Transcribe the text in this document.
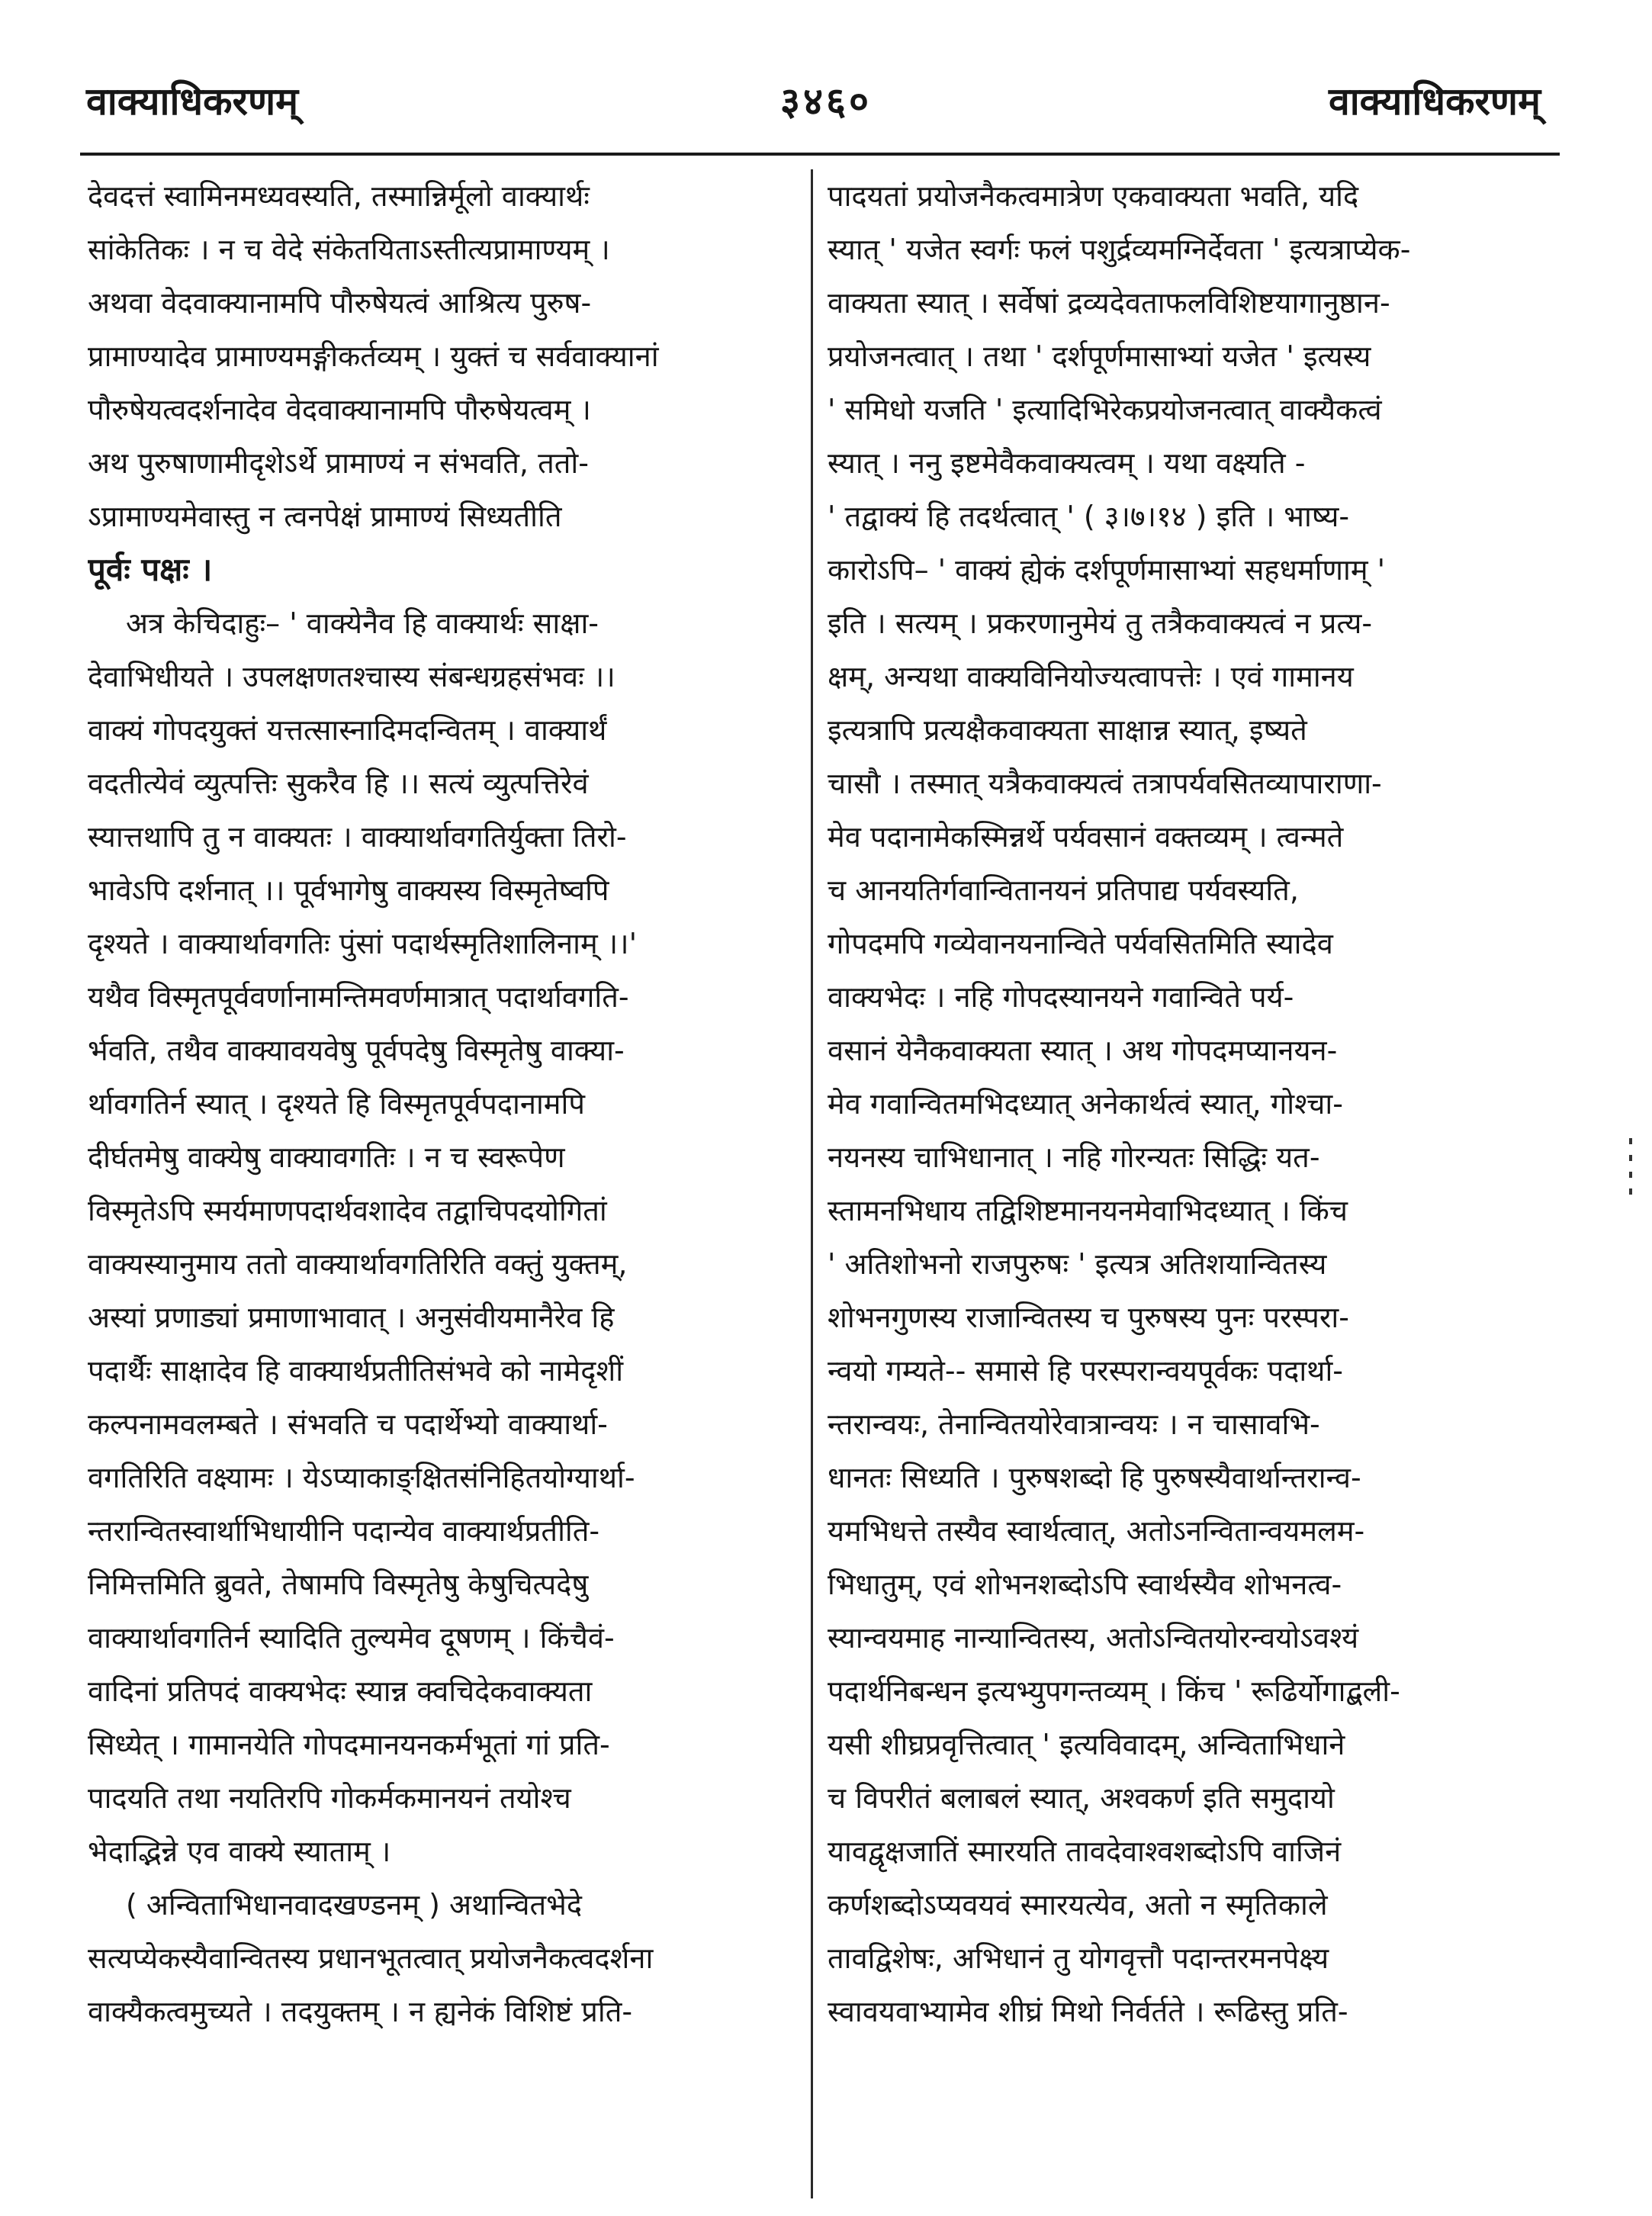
वाक्याधिकरणम्	३४६०	वाक्याधिकरणम्
देवदत्तं स्वामिनमध्यवस्यति, तस्मान्निर्मूलो वाक्यार्थः
सांकेतिकः । न च वेदे संकेतयिताऽस्तीत्यप्रामाण्यम् ।
अथवा वेदवाक्यानामपि पौरुषेयत्वं आश्रित्य पुरुष-
प्रामाण्यादेव प्रामाण्यमङ्गीकर्तव्यम् । युक्तं च सर्ववाक्यानां
पौरुषेयत्वदर्शनादेव वेदवाक्यानामपि पौरुषेयत्वम् ।
अथ पुरुषाणामीदृशेऽर्थे प्रामाण्यं न संभवति, ततो-
ऽप्रामाण्यमेवास्तु न त्वनपेक्षं प्रामाण्यं सिध्यतीति
पूर्वः पक्षः ।
अत्र केचिदाहुः– ' वाक्येनैव हि वाक्यार्थः साक्षा-
देवाभिधीयते । उपलक्षणतश्चास्य संबन्धग्रहसंभवः ।।
वाक्यं गोपदयुक्तं यत्तत्सास्नादिमदन्वितम् । वाक्यार्थं
वदतीत्येवं व्युत्पत्तिः सुकरैव हि ।। सत्यं व्युत्पत्तिरेवं
स्यात्तथापि तु न वाक्यतः । वाक्यार्थावगतिर्युक्ता तिरो-
भावेऽपि दर्शनात् ।। पूर्वभागेषु वाक्यस्य विस्मृतेष्वपि
दृश्यते । वाक्यार्थावगतिः पुंसां पदार्थस्मृतिशालिनाम् ।।'
यथैव विस्मृतपूर्ववर्णानामन्तिमवर्णमात्रात् पदार्थावगति-
र्भवति, तथैव वाक्यावयवेषु पूर्वपदेषु विस्मृतेषु वाक्या-
र्थावगतिर्न स्यात् । दृश्यते हि विस्मृतपूर्वपदानामपि
दीर्घतमेषु वाक्येषु वाक्यावगतिः । न च स्वरूपेण
विस्मृतेऽपि स्मर्यमाणपदार्थवशादेव तद्वाचिपदयोगितां
वाक्यस्यानुमाय ततो वाक्यार्थावगतिरिति वक्तुं युक्तम्,
अस्यां प्रणाड्यां प्रमाणाभावात् । अनुसंवीयमानैरेव हि
पदार्थैः साक्षादेव हि वाक्यार्थप्रतीतिसंभवे को नामेदृशीं
कल्पनामवलम्बते । संभवति च पदार्थेभ्यो वाक्यार्था-
वगतिरिति वक्ष्यामः । येऽप्याकाङ्क्षितसंनिहितयोग्यार्था-
न्तरान्वितस्वार्थाभिधायीनि पदान्येव वाक्यार्थप्रतीति-
निमित्तमिति ब्रुवते, तेषामपि विस्मृतेषु केषुचित्पदेषु
वाक्यार्थावगतिर्न स्यादिति तुल्यमेव दूषणम् । किंचैवं-
वादिनां प्रतिपदं वाक्यभेदः स्यान्न क्वचिदेकवाक्यता
सिध्येत् । गामानयेति गोपदमानयनकर्मभूतां गां प्रति-
पादयति तथा नयतिरपि गोकर्मकमानयनं तयोश्च
भेदाद्भिन्ने एव वाक्ये स्याताम् ।
( अन्विताभिधानवादखण्डनम् ) अथान्वितभेदे
सत्यप्येकस्यैवान्वितस्य प्रधानभूतत्वात् प्रयोजनैकत्वदर्शना
वाक्यैकत्वमुच्यते । तदयुक्तम् । न ह्यनेकं विशिष्टं प्रति-
पादयतां प्रयोजनैकत्वमात्रेण एकवाक्यता भवति, यदि
स्यात् ' यजेत स्वर्गः फलं पशुर्द्रव्यमग्निर्देवता ' इत्यत्राप्येक-
वाक्यता स्यात् । सर्वेषां द्रव्यदेवताफलविशिष्टयागानुष्ठान-
प्रयोजनत्वात् । तथा ' दर्शपूर्णमासाभ्यां यजेत ' इत्यस्य
' समिधो यजति ' इत्यादिभिरेकप्रयोजनत्वात् वाक्यैकत्वं
स्यात् । ननु इष्टमेवैकवाक्यत्वम् । यथा वक्ष्यति -
' तद्वाक्यं हि तदर्थत्वात् ' ( ३।७।१४ ) इति । भाष्य-
कारोऽपि– ' वाक्यं ह्येकं दर्शपूर्णमासाभ्यां सहधर्माणाम् '
इति । सत्यम् । प्रकरणानुमेयं तु तत्रैकवाक्यत्वं न प्रत्य-
क्षम्, अन्यथा वाक्यविनियोज्यत्वापत्तेः । एवं गामानय
इत्यत्रापि प्रत्यक्षैकवाक्यता साक्षान्न स्यात्, इष्यते
चासौ । तस्मात् यत्रैकवाक्यत्वं तत्रापर्यवसितव्यापाराणा-
मेव पदानामेकस्मिन्नर्थे पर्यवसानं वक्तव्यम् । त्वन्मते
च आनयतिर्गवान्वितानयनं प्रतिपाद्य पर्यवस्यति,
गोपदमपि गव्येवानयनान्विते पर्यवसितमिति स्यादेव
वाक्यभेदः । नहि गोपदस्यानयने गवान्विते पर्य-
वसानं येनैकवाक्यता स्यात् । अथ गोपदमप्यानयन-
मेव गवान्वितमभिदध्यात् अनेकार्थत्वं स्यात्, गोश्चा-
नयनस्य चाभिधानात् । नहि गोरन्यतः सिद्धिः यत-
स्तामनभिधाय तद्विशिष्टमानयनमेवाभिदध्यात् । किंच
' अतिशोभनो राजपुरुषः ' इत्यत्र अतिशयान्वितस्य
शोभनगुणस्य राजान्वितस्य च पुरुषस्य पुनः परस्परा-
न्वयो गम्यते-- समासे हि परस्परान्वयपूर्वकः पदार्था-
न्तरान्वयः, तेनान्वितयोरेवात्रान्वयः । न चासावभि-
धानतः सिध्यति । पुरुषशब्दो हि पुरुषस्यैवार्थान्तरान्व-
यमभिधत्ते तस्यैव स्वार्थत्वात्, अतोऽनन्वितान्वयमलम-
भिधातुम्, एवं शोभनशब्दोऽपि स्वार्थस्यैव शोभनत्व-
स्यान्वयमाह नान्यान्वितस्य, अतोऽन्वितयोरन्वयोऽवश्यं
पदार्थनिबन्धन इत्यभ्युपगन्तव्यम् । किंच ' रूढिर्योगाद्बली-
यसी शीघ्रप्रवृत्तित्वात् ' इत्यविवादम्, अन्विताभिधाने
च विपरीतं बलाबलं स्यात्, अश्वकर्ण इति समुदायो
यावद्वृक्षजातिं स्मारयति तावदेवाश्वशब्दोऽपि वाजिनं
कर्णशब्दोऽप्यवयवं स्मारयत्येव, अतो न स्मृतिकाले
तावद्विशेषः, अभिधानं तु योगवृत्तौ पदान्तरमनपेक्ष्य
स्वावयवाभ्यामेव शीघ्रं मिथो निर्वर्तते । रूढिस्तु प्रति-
